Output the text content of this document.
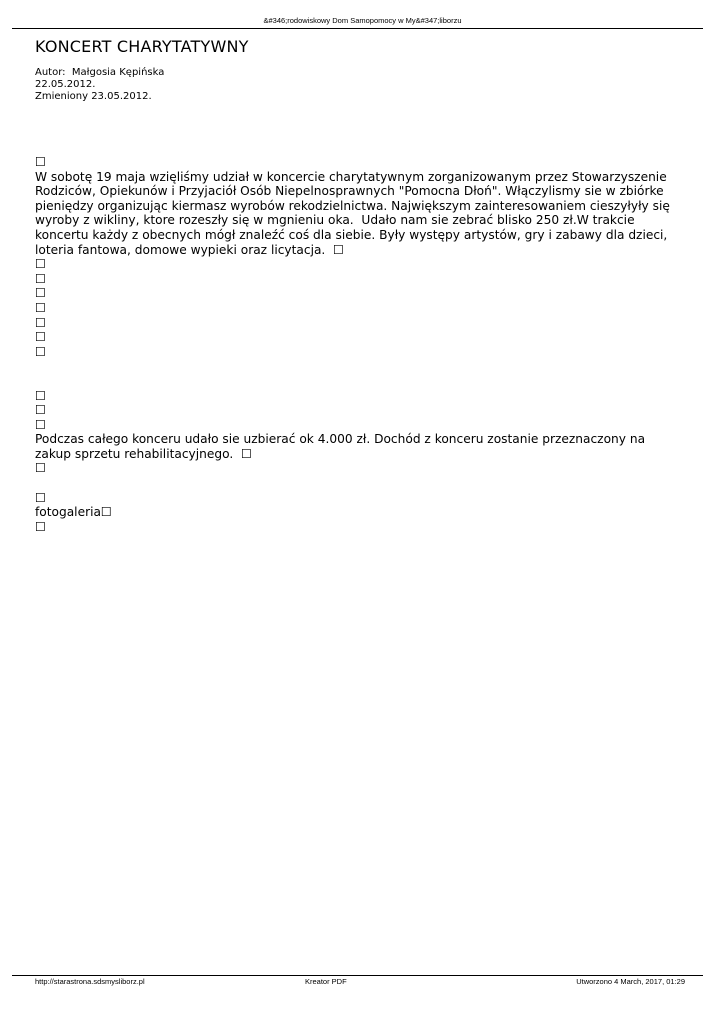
&#346;rodowiskowy Dom Samopomocy w My&#347;liborzu
KONCERT CHARYTATYWNY
Autor:  Małgosia Kępińska
22.05.2012.
Zmieniony 23.05.2012.
☐

W sobotę 19 maja wzięliśmy udział w koncercie charytatywnym zorganizowanym przez Stowarzyszenie Rodziców, Opiekunów i Przyjaciół Osób Niepelnosprawnych "Pomocna Dłoń". Włączylismy sie w zbiórke pieniędzy organizując kiermasz wyrobów rekodzielnictwa. Największym zainteresowaniem cieszyłyły się wyroby z wikliny, ktore rozeszły się w mgnieniu oka.  Udało nam sie zebrać blisko 250 zł.W trakcie koncertu każdy z obecnych mógł znaleźć coś dla siebie. Były występy artystów, gry i zabawy dla dzieci, loteria fantowa, domowe wypieki oraz licytacja.  ☐

☐
☐
☐
☐
☐
☐
☐
☐
☐
☐

Podczas całego konceru udało sie uzbierać ok 4.000 zł. Dochód z konceru zostanie przeznaczony na zakup sprzetu rehabilitacyjnego.  ☐

☐
☐
fotogaleria☐
☐
http://starastrona.sdsmysliborz.pl	Kreator PDF	Utworzono 4 March, 2017, 01:29
